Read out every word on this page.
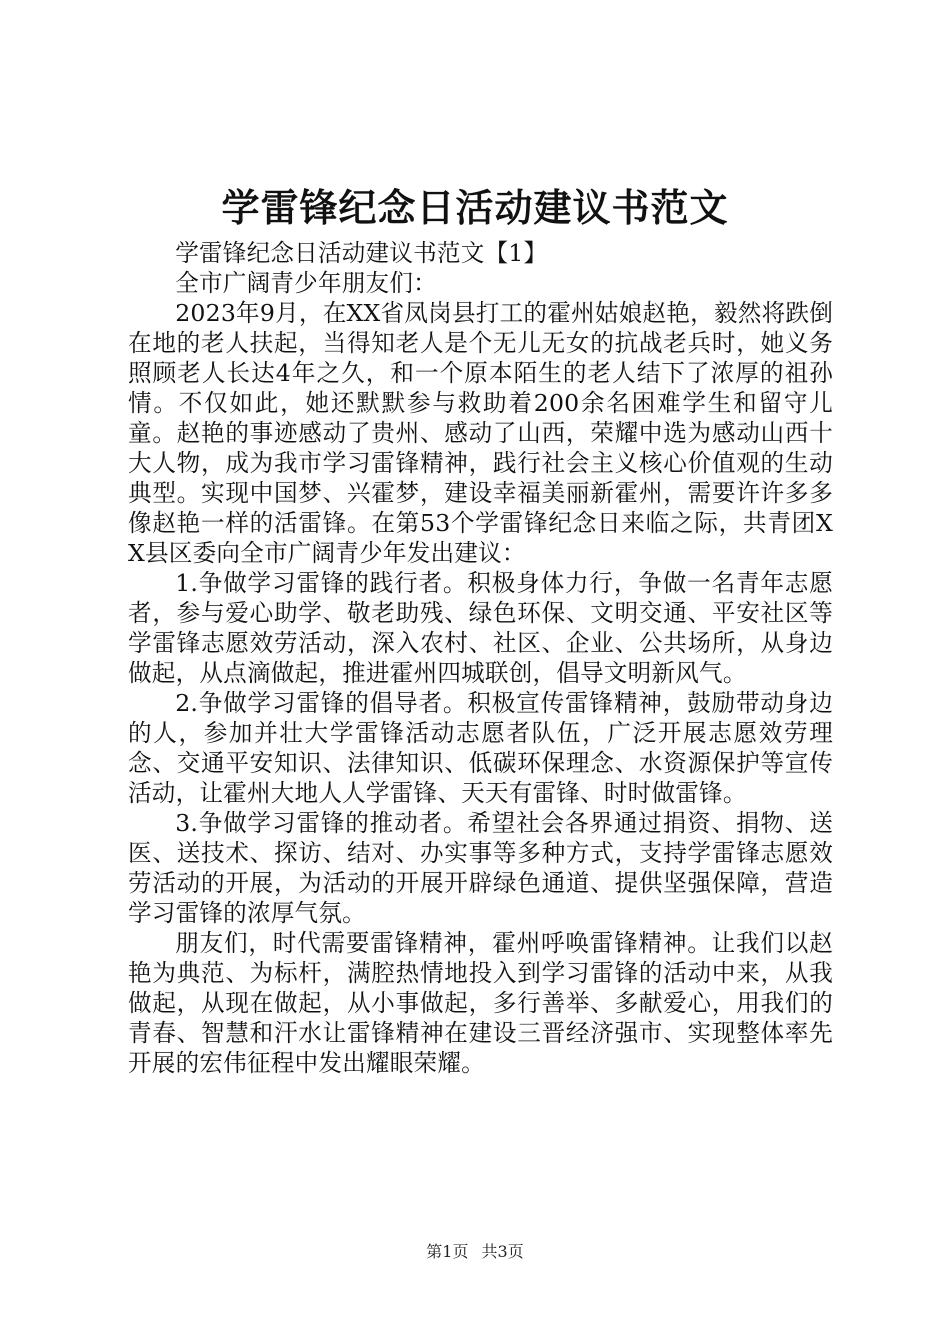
学雷锋纪念日活动建议书范文

学雷锋纪念日活动建议书范文【1】

全市广阔青少年朋友们：

2023年9月，在XX省凤岗县打工的霍州姑娘赵艳，毅然将跌倒在地的老人扶起，当得知老人是个无儿无女的抗战老兵时，她义务照顾老人长达4年之久，和一个原本陌生的老人结下了浓厚的祖孙情。不仅如此，她还默默参与救助着200余名困难学生和留守儿童。赵艳的事迹感动了贵州、感动了山西，荣耀中选为感动山西十大人物，成为我市学习雷锋精神，践行社会主义核心价值观的生动典型。实现中国梦、兴霍梦，建设幸福美丽新霍州，需要许许多多像赵艳一样的活雷锋。在第53个学雷锋纪念日来临之际，共青团XX县区委向全市广阔青少年发出建议：

1.争做学习雷锋的践行者。积极身体力行，争做一名青年志愿者，参与爱心助学、敬老助残、绿色环保、文明交通、平安社区等学雷锋志愿效劳活动，深入农村、社区、企业、公共场所，从身边做起，从点滴做起，推进霍州四城联创，倡导文明新风气。

2.争做学习雷锋的倡导者。积极宣传雷锋精神，鼓励带动身边的人，参加并壮大学雷锋活动志愿者队伍，广泛开展志愿效劳理念、交通平安知识、法律知识、低碳环保理念、水资源保护等宣传活动，让霍州大地人人学雷锋、天天有雷锋、时时做雷锋。

3.争做学习雷锋的推动者。希望社会各界通过捐资、捐物、送医、送技术、探访、结对、办实事等多种方式，支持学雷锋志愿效劳活动的开展，为活动的开展开辟绿色通道、提供坚强保障，营造学习雷锋的浓厚气氛。

朋友们，时代需要雷锋精神，霍州呼唤雷锋精神。让我们以赵艳为典范、为标杆，满腔热情地投入到学习雷锋的活动中来，从我做起，从现在做起，从小事做起，多行善举、多献爱心，用我们的青春、智慧和汗水让雷锋精神在建设三晋经济强市、实现整体率先开展的宏伟征程中发出耀眼荣耀。

第1页 共3页
